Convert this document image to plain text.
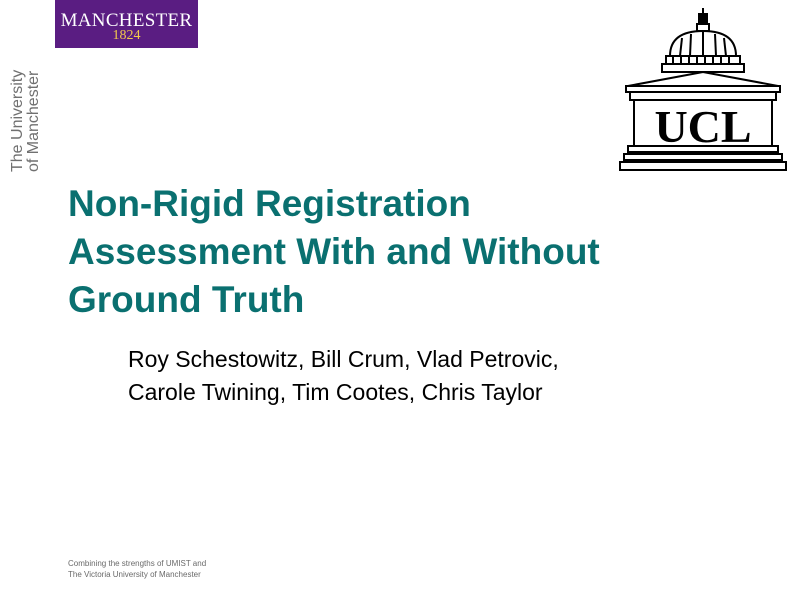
MANCHESTER
1824
The University of Manchester	UCL
Non-Rigid Registration
Assessment With and Without
Ground Truth
Roy Schestowitz, Bill Crum, Vlad Petrovic,
Carole Twining, Tim Cootes, Chris Taylor
Combining the strengths of UMIST and
The Victoria University of Manchester
